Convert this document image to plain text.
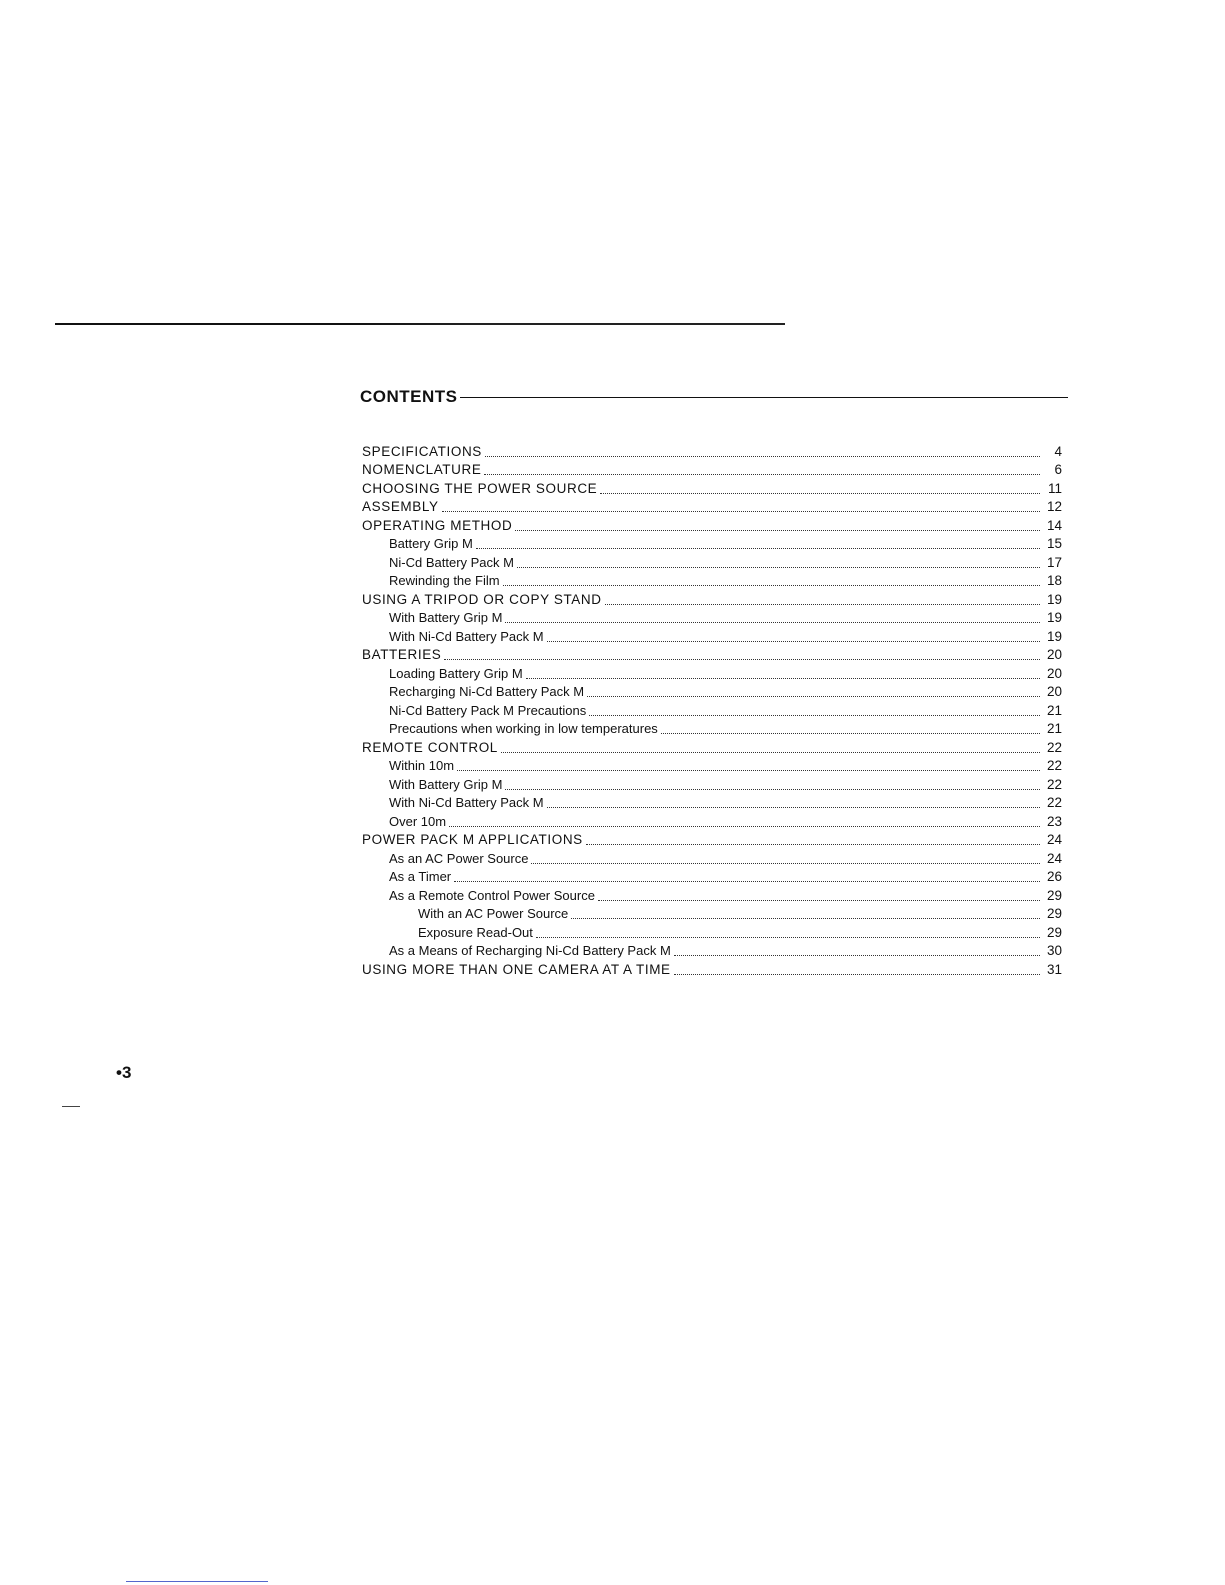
CONTENTS
SPECIFICATIONS	4
NOMENCLATURE	6
CHOOSING THE POWER SOURCE	11
ASSEMBLY	12
OPERATING METHOD	14
Battery Grip M	15
Ni-Cd Battery Pack M	17
Rewinding the Film	18
USING A TRIPOD OR COPY STAND	19
With Battery Grip M	19
With Ni-Cd Battery Pack M	19
BATTERIES	20
Loading Battery Grip M	20
Recharging Ni-Cd Battery Pack M	20
Ni-Cd Battery Pack M Precautions	21
Precautions when working in low temperatures	21
REMOTE CONTROL	22
Within 10m	22
With Battery Grip M	22
With Ni-Cd Battery Pack M	22
Over 10m	23
POWER PACK M APPLICATIONS	24
As an AC Power Source	24
As a Timer	26
As a Remote Control Power Source	29
With an AC Power Source	29
Exposure Read-Out	29
As a Means of Recharging Ni-Cd Battery Pack M	30
USING MORE THAN ONE CAMERA AT A TIME	31
•3
